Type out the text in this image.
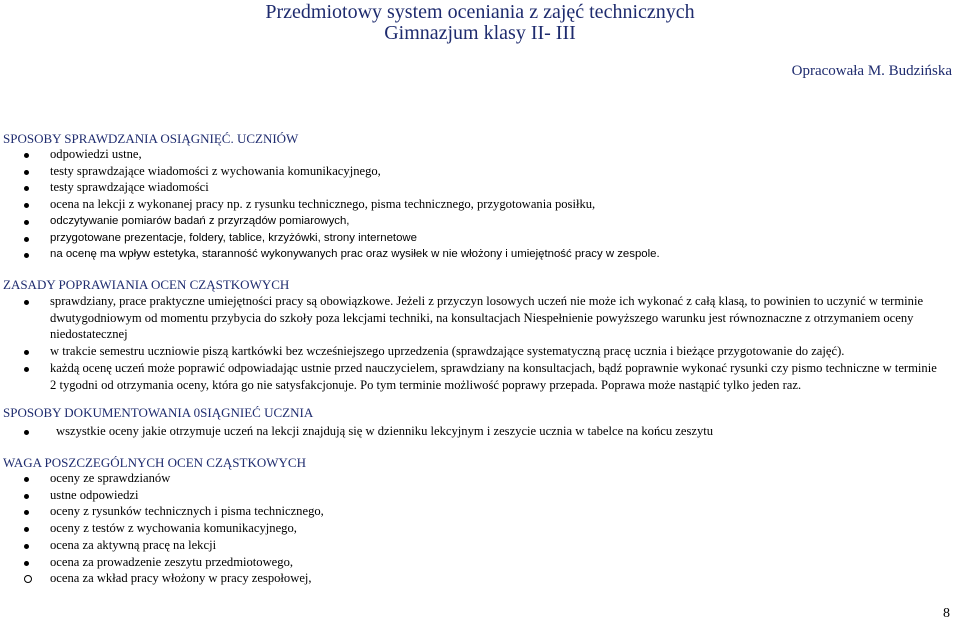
Przedmiotowy system oceniania z zajęć technicznych
Gimnazjum klasy II- III
Opracowała M. Budzińska
SPOSOBY SPRAWDZANIA OSIĄGNIĘĆ. UCZNIÓW
odpowiedzi ustne,
testy sprawdzające wiadomości z wychowania komunikacyjnego,
testy sprawdzające wiadomości
ocena na lekcji z wykonanej pracy np. z rysunku technicznego, pisma technicznego, przygotowania posiłku,
odczytywanie pomiarów badań z przyrządów pomiarowych,
przygotowane prezentacje, foldery, tablice, krzyżówki, strony internetowe
na ocenę ma wpływ estetyka, staranność wykonywanych prac oraz wysiłek w nie włożony i umiejętność pracy w zespole.
ZASADY POPRAWIANIA OCEN CZĄSTKOWYCH
sprawdziany, prace praktyczne umiejętności pracy są obowiązkowe. Jeżeli z przyczyn losowych uczeń nie może ich wykonać z całą klasą, to powinien to uczynić w terminie dwutygodniowym od momentu przybycia do szkoły poza lekcjami techniki, na konsultacjach Niespełnienie powyższego warunku jest równoznaczne z otrzymaniem oceny niedostatecznej
w trakcie semestru uczniowie piszą kartkówki bez wcześniejszego uprzedzenia (sprawdzające systematyczną pracę ucznia i bieżące przygotowanie do zajęć).
każdą ocenę uczeń może poprawić odpowiadając ustnie przed nauczycielem, sprawdziany na konsultacjach, bądź poprawnie wykonać rysunki czy pismo techniczne w terminie 2 tygodni od otrzymania oceny, która go nie satysfakcjonuje. Po tym terminie możliwość poprawy przepada. Poprawa może nastąpić tylko jeden raz.
SPOSOBY DOKUMENTOWANIA 0SIĄGNIEĆ UCZNIA
wszystkie oceny jakie otrzymuje uczeń na lekcji znajdują się w dzienniku lekcyjnym i zeszycie ucznia w tabelce na końcu zeszytu
WAGA POSZCZEGÓLNYCH OCEN CZĄSTKOWYCH
oceny ze sprawdzianów
ustne odpowiedzi
oceny z rysunków technicznych i pisma technicznego,
oceny z testów z wychowania komunikacyjnego,
ocena za aktywną pracę na lekcji
ocena za prowadzenie zeszytu przedmiotowego,
ocena za wkład pracy włożony w pracy zespołowej,
8
